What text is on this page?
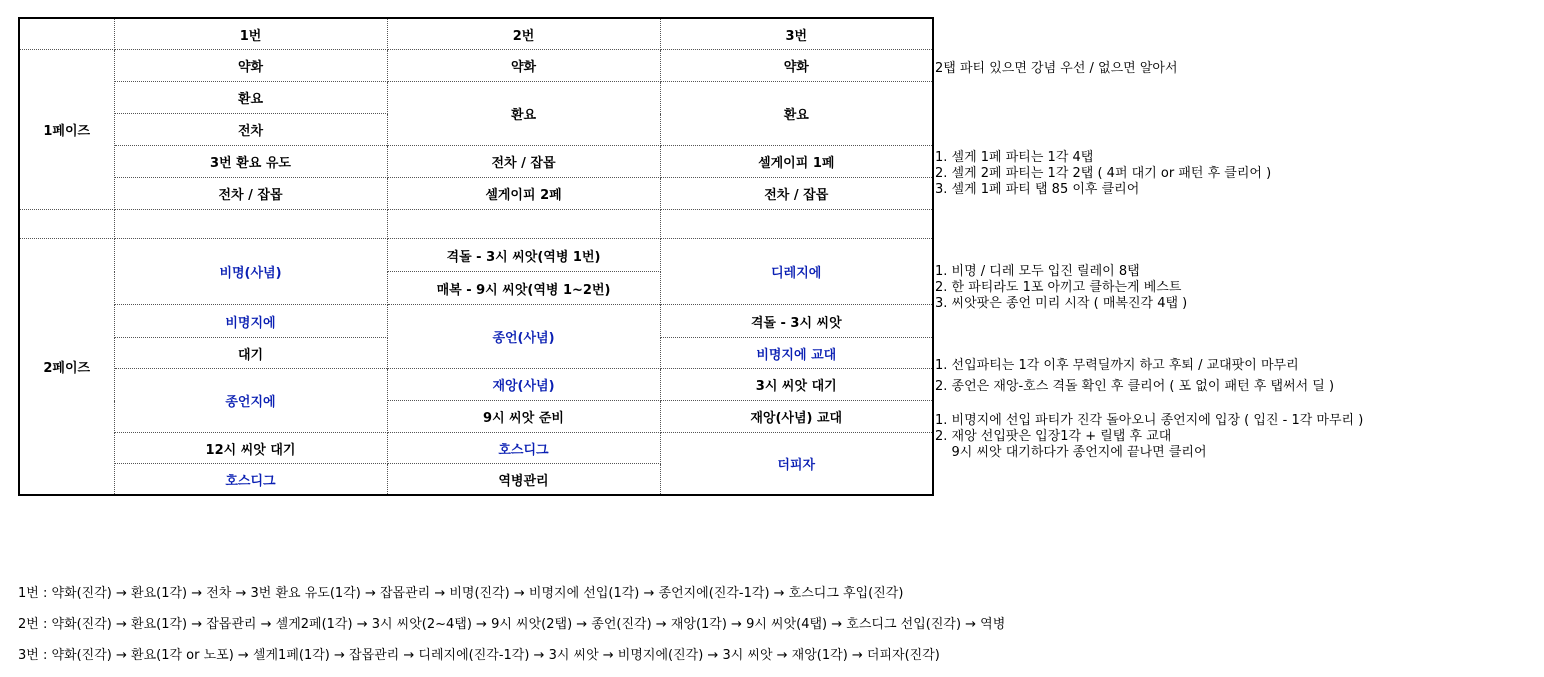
	1번	2번	3번
1페이즈	약화	약화	약화
	환요	환요	환요
	전차		
	3번 환요 유도	전차 / 잡몹	셀게이피 1페
	전차 / 잡몹	셀게이피 2페	전차 / 잡몹

2페이즈	비명(사념)	격돌 - 3시 씨앗(역병 1번)	디레지에
		매복 - 9시 씨앗(역병 1~2번)	
	비명지에	종언(사념)	격돌 - 3시 씨앗
	대기		비명지에 교대
	종언지에	재앙(사념)	3시 씨앗 대기
		9시 씨앗 준비	재앙(사념) 교대
	12시 씨앗 대기	호스디그	더피자
	호스디그	역병관리	
2탭 파티 있으면 강념 우선 / 없으면 알아서
1. 셀게 1페 파티는 1각 4탭
2. 셀게 2페 파티는 1각 2탭 ( 4퍼 대기 or 패턴 후 클리어 )
3. 셀게 1페 파티 탭 85 이후 클리어
1. 비명 / 디레 모두 입진 릴레이 8탭
2. 한 파티라도 1포 아끼고 클하는게 베스트
3. 씨앗팟은 종언 미리 시작 ( 매복진각 4탭 )
1. 선입파티는 1각 이후 무력딜까지 하고 후퇴 / 교대팟이 마무리
2. 종언은 재앙-호스 격돌 확인 후 클리어 ( 포 없이 패턴 후 탭써서 딜 )
1. 비명지에 선입 파티가 진각 돌아오니 종언지에 입장 ( 입진 - 1각 마무리 )
2. 재앙 선입팟은 입장1각 + 릴탭 후 교대
9시 씨앗 대기하다가 종언지에 끝나면 클리어
1번 : 약화(진각) → 환요(1각) → 전차 → 3번 환요 유도(1각) → 잡몹관리 → 비명(진각) → 비명지에 선입(1각) → 종언지에(진각-1각) → 호스디그 후입(진각)
2번 : 약화(진각) → 환요(1각) → 잡몹관리 → 셀게2페(1각) → 3시 씨앗(2~4탭) → 9시 씨앗(2탭) → 종언(진각) → 재앙(1각) → 9시 씨앗(4탭) → 호스디그 선입(진각) → 역병
3번 : 약화(진각) → 환요(1각 or 노포) → 셀게1페(1각) → 잡몹관리 → 디레지에(진각-1각) → 3시 씨앗 → 비명지에(진각) → 3시 씨앗 → 재앙(1각) → 더피자(진각)
